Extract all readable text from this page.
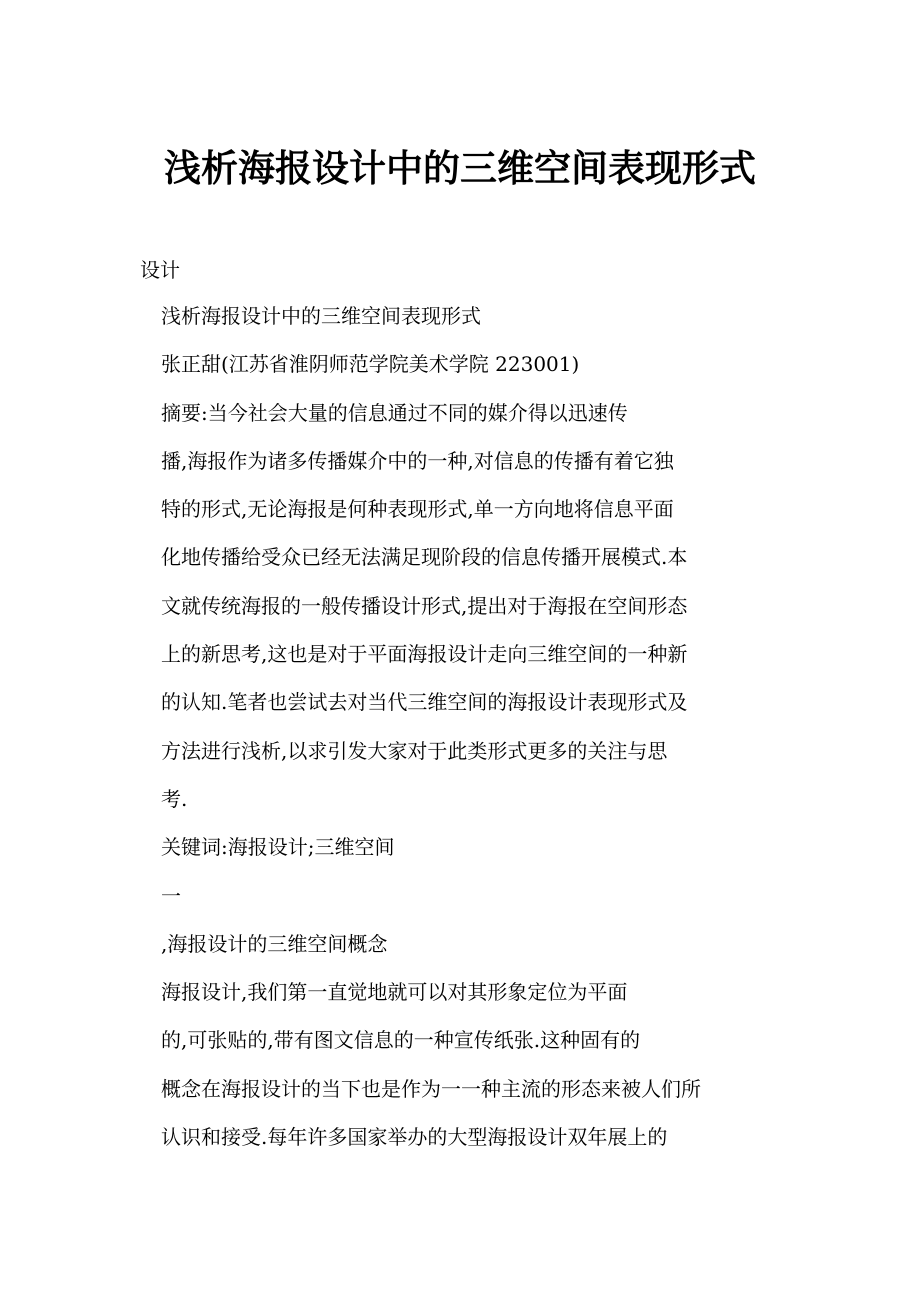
浅析海报设计中的三维空间表现形式
设计
浅析海报设计中的三维空间表现形式
张正甜(江苏省淮阴师范学院美术学院 223001)
摘要:当今社会大量的信息通过不同的媒介得以迅速传
播,海报作为诸多传播媒介中的一种,对信息的传播有着它独
特的形式,无论海报是何种表现形式,单一方向地将信息平面
化地传播给受众已经无法满足现阶段的信息传播开展模式.本
文就传统海报的一般传播设计形式,提出对于海报在空间形态
上的新思考,这也是对于平面海报设计走向三维空间的一种新
的认知.笔者也尝试去对当代三维空间的海报设计表现形式及
方法进行浅析,以求引发大家对于此类形式更多的关注与思
考.
关键词:海报设计;三维空间
一
,海报设计的三维空间概念
海报设计,我们第一直觉地就可以对其形象定位为平面
的,可张贴的,带有图文信息的一种宣传纸张.这种固有的
概念在海报设计的当下也是作为一一种主流的形态来被人们所
认识和接受.每年许多国家举办的大型海报设计双年展上的
